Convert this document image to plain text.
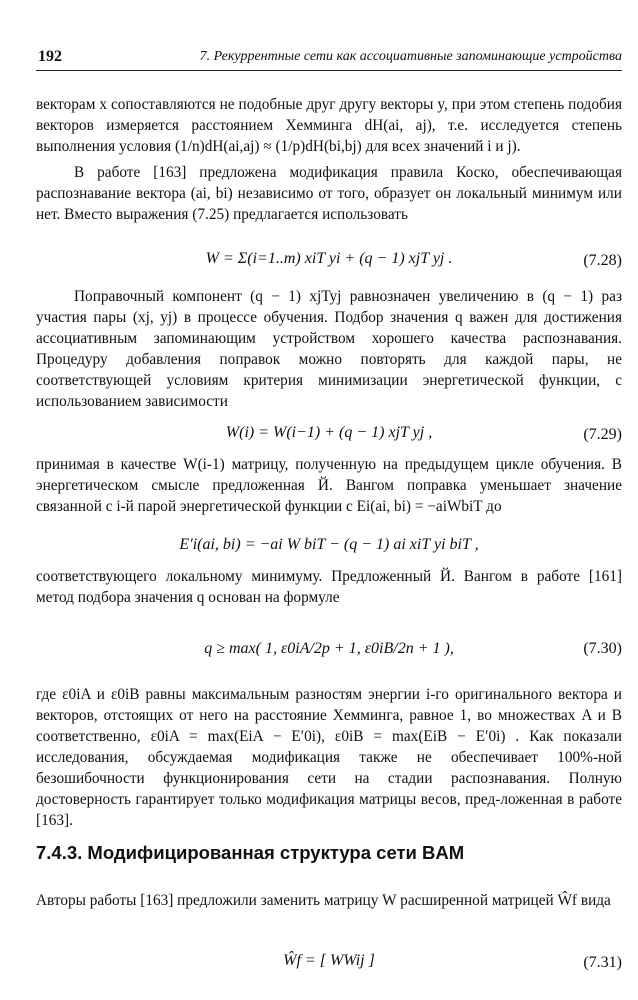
192	7. Рекуррентные сети как ассоциативные запоминающие устройства

векторам x сопоставляются не подобные друг другу векторы y, при этом степень подобия векторов измеряется расстоянием Хемминга dH(ai, aj), т.е. исследуется степень выполнения условия (1/n)dH(ai,aj) ≈ (1/p)dH(bi,bj) для всех значений i и j).

В работе [163] предложена модификация правила Коско, обеспечивающая распознавание вектора (ai, bi) независимо от того, образует он локальный минимум или нет. Вместо выражения (7.25) предлагается использовать

W = Σ(i=1..m) xiT yi + (q − 1) xjT yj .	(7.28)

Поправочный компонент (q − 1) xjTyj равнозначен увеличению в (q − 1) раз участия пары (xj, yj) в процессе обучения. Подбор значения q важен для достижения ассоциативным запоминающим устройством хорошего качества распознавания. Процедуру добавления поправок можно повторять для каждой пары, не соответствующей условиям критерия минимизации энергетической функции, с использованием зависимости

W(i) = W(i−1) + (q − 1) xjT yj ,	(7.29)

принимая в качестве W(i-1) матрицу, полученную на предыдущем цикле обучения. В энергетическом смысле предложенная Й. Вангом поправка уменьшает значение связанной с i-й парой энергетической функции с Ei(ai, bi) = −aiWbiT до

E′i(ai, bi) = −ai W biT − (q − 1) ai xiT yi biT ,

соответствующего локальному минимуму. Предложенный Й. Вангом в работе [161] метод подбора значения q основан на формуле

q ≥ max( 1, ε0iA/2p + 1, ε0iB/2n + 1 ),	(7.30)

где ε0iA и ε0iB равны максимальным разностям энергии i-го оригинального вектора и векторов, отстоящих от него на расстояние Хемминга, равное 1, во множествах A и B соответственно, ε0iA = max(EiA − E′0i), ε0iB = max(EiB − E′0i) . Как показали исследования, обсуждаемая модификация также не обеспечивает 100%-ной безошибочности функционирования сети на стадии распознавания. Полную достоверность гарантирует только модификация матрицы весов, пред-ложенная в работе [163].

7.4.3. Модифицированная структура сети BAM

Авторы работы [163] предложили заменить матрицу W расширенной матрицей Ŵf вида

Ŵf = [ WWij ]	(7.31)
